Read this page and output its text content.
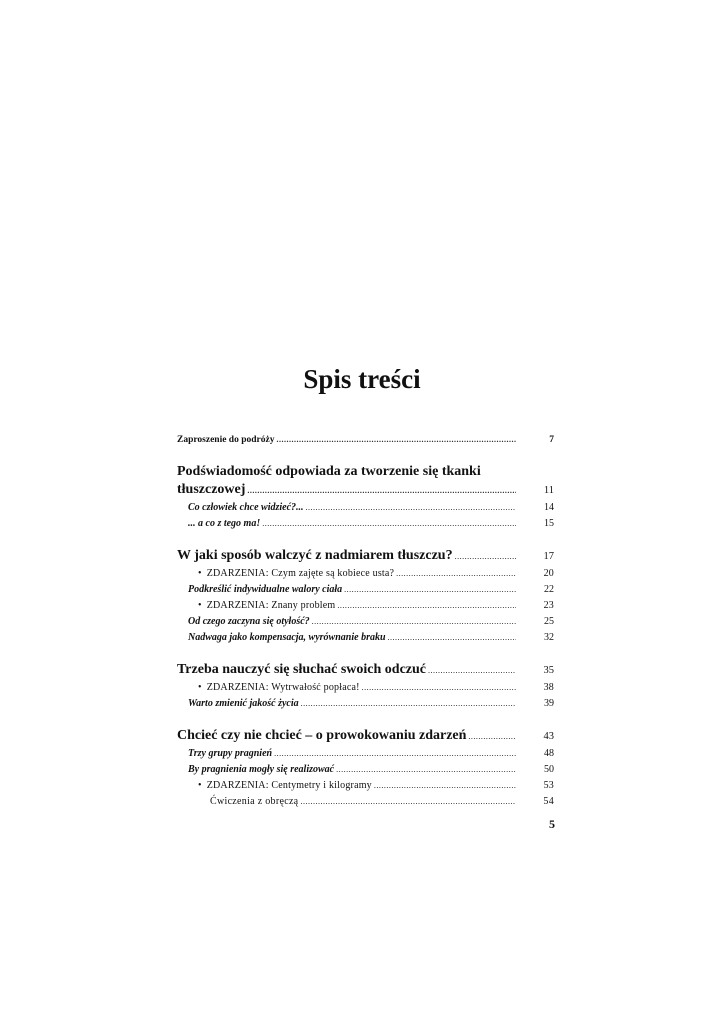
Spis treści
Zaproszenie do podróży .....	7
Podświadomość odpowiada za tworzenie się tkanki
tłuszczowej .....	11
Co człowiek chce widzieć?... .....	14
... a co z tego ma! .....	15
W jaki sposób walczyć z nadmiarem tłuszczu? .....	17
• ZDARZENIA: Czym zajęte są kobiece usta? .....	20
Podkreślić indywidualne walory ciała .....	22
• ZDARZENIA: Znany problem .....	23
Od czego zaczyna się otyłość? .....	25
Nadwaga jako kompensacja, wyrównanie braku .....	32
Trzeba nauczyć się słuchać swoich odczuć .....	35
• ZDARZENIA: Wytrwałość popłaca! .....	38
Warto zmienić jakość życia .....	39
Chcieć czy nie chcieć – o prowokowaniu zdarzeń .....	43
Trzy grupy pragnień .....	48
By pragnienia mogły się realizować .....	50
• ZDARZENIA: Centymetry i kilogramy .....	53
Ćwiczenia z obręczą .....	54
5
